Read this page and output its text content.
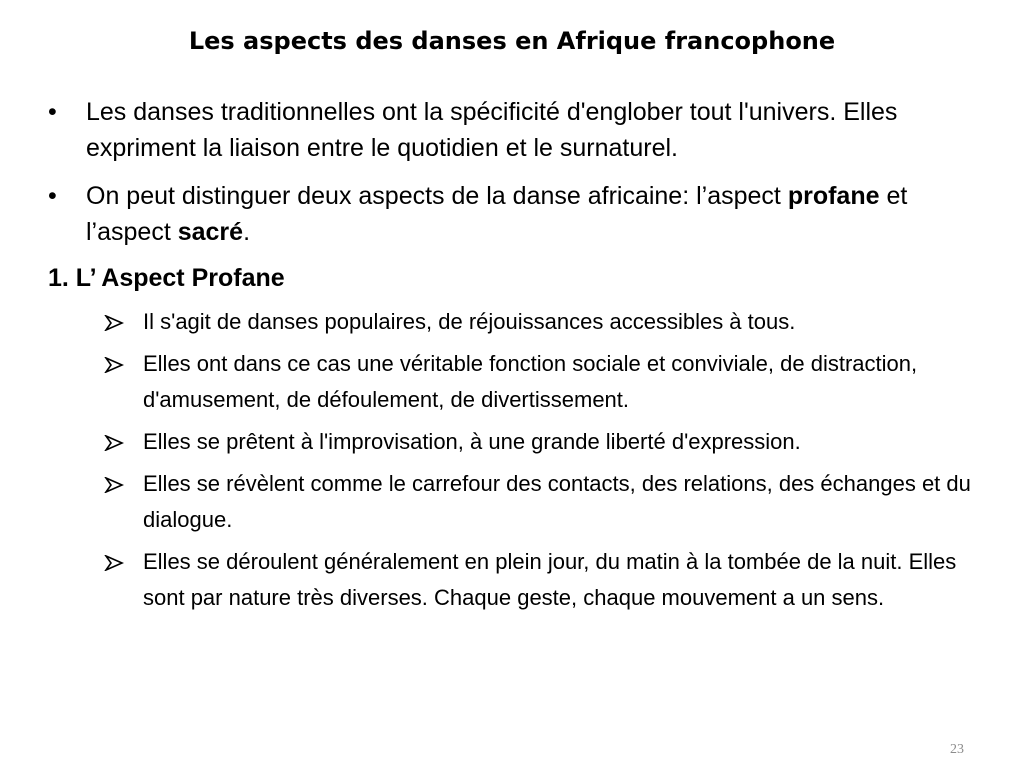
Les aspects des danses en Afrique francophone
• Les danses traditionnelles ont la spécificité d'englober tout l'univers. Elles expriment la liaison entre le quotidien et le surnaturel.
• On peut distinguer deux aspects de la danse africaine: l’aspect profane et l’aspect sacré.
1. L’ Aspect Profane
Il s'agit de danses populaires, de réjouissances accessibles à tous.
Elles ont dans ce cas une véritable fonction sociale et conviviale, de distraction, d'amusement, de défoulement, de divertissement.
Elles se prêtent à l'improvisation, à une grande liberté d'expression.
Elles se révèlent comme le carrefour des contacts, des relations, des échanges et du dialogue.
Elles se déroulent généralement en plein jour, du matin à la tombée de la nuit. Elles sont par nature très diverses. Chaque geste, chaque mouvement a un sens.
23
